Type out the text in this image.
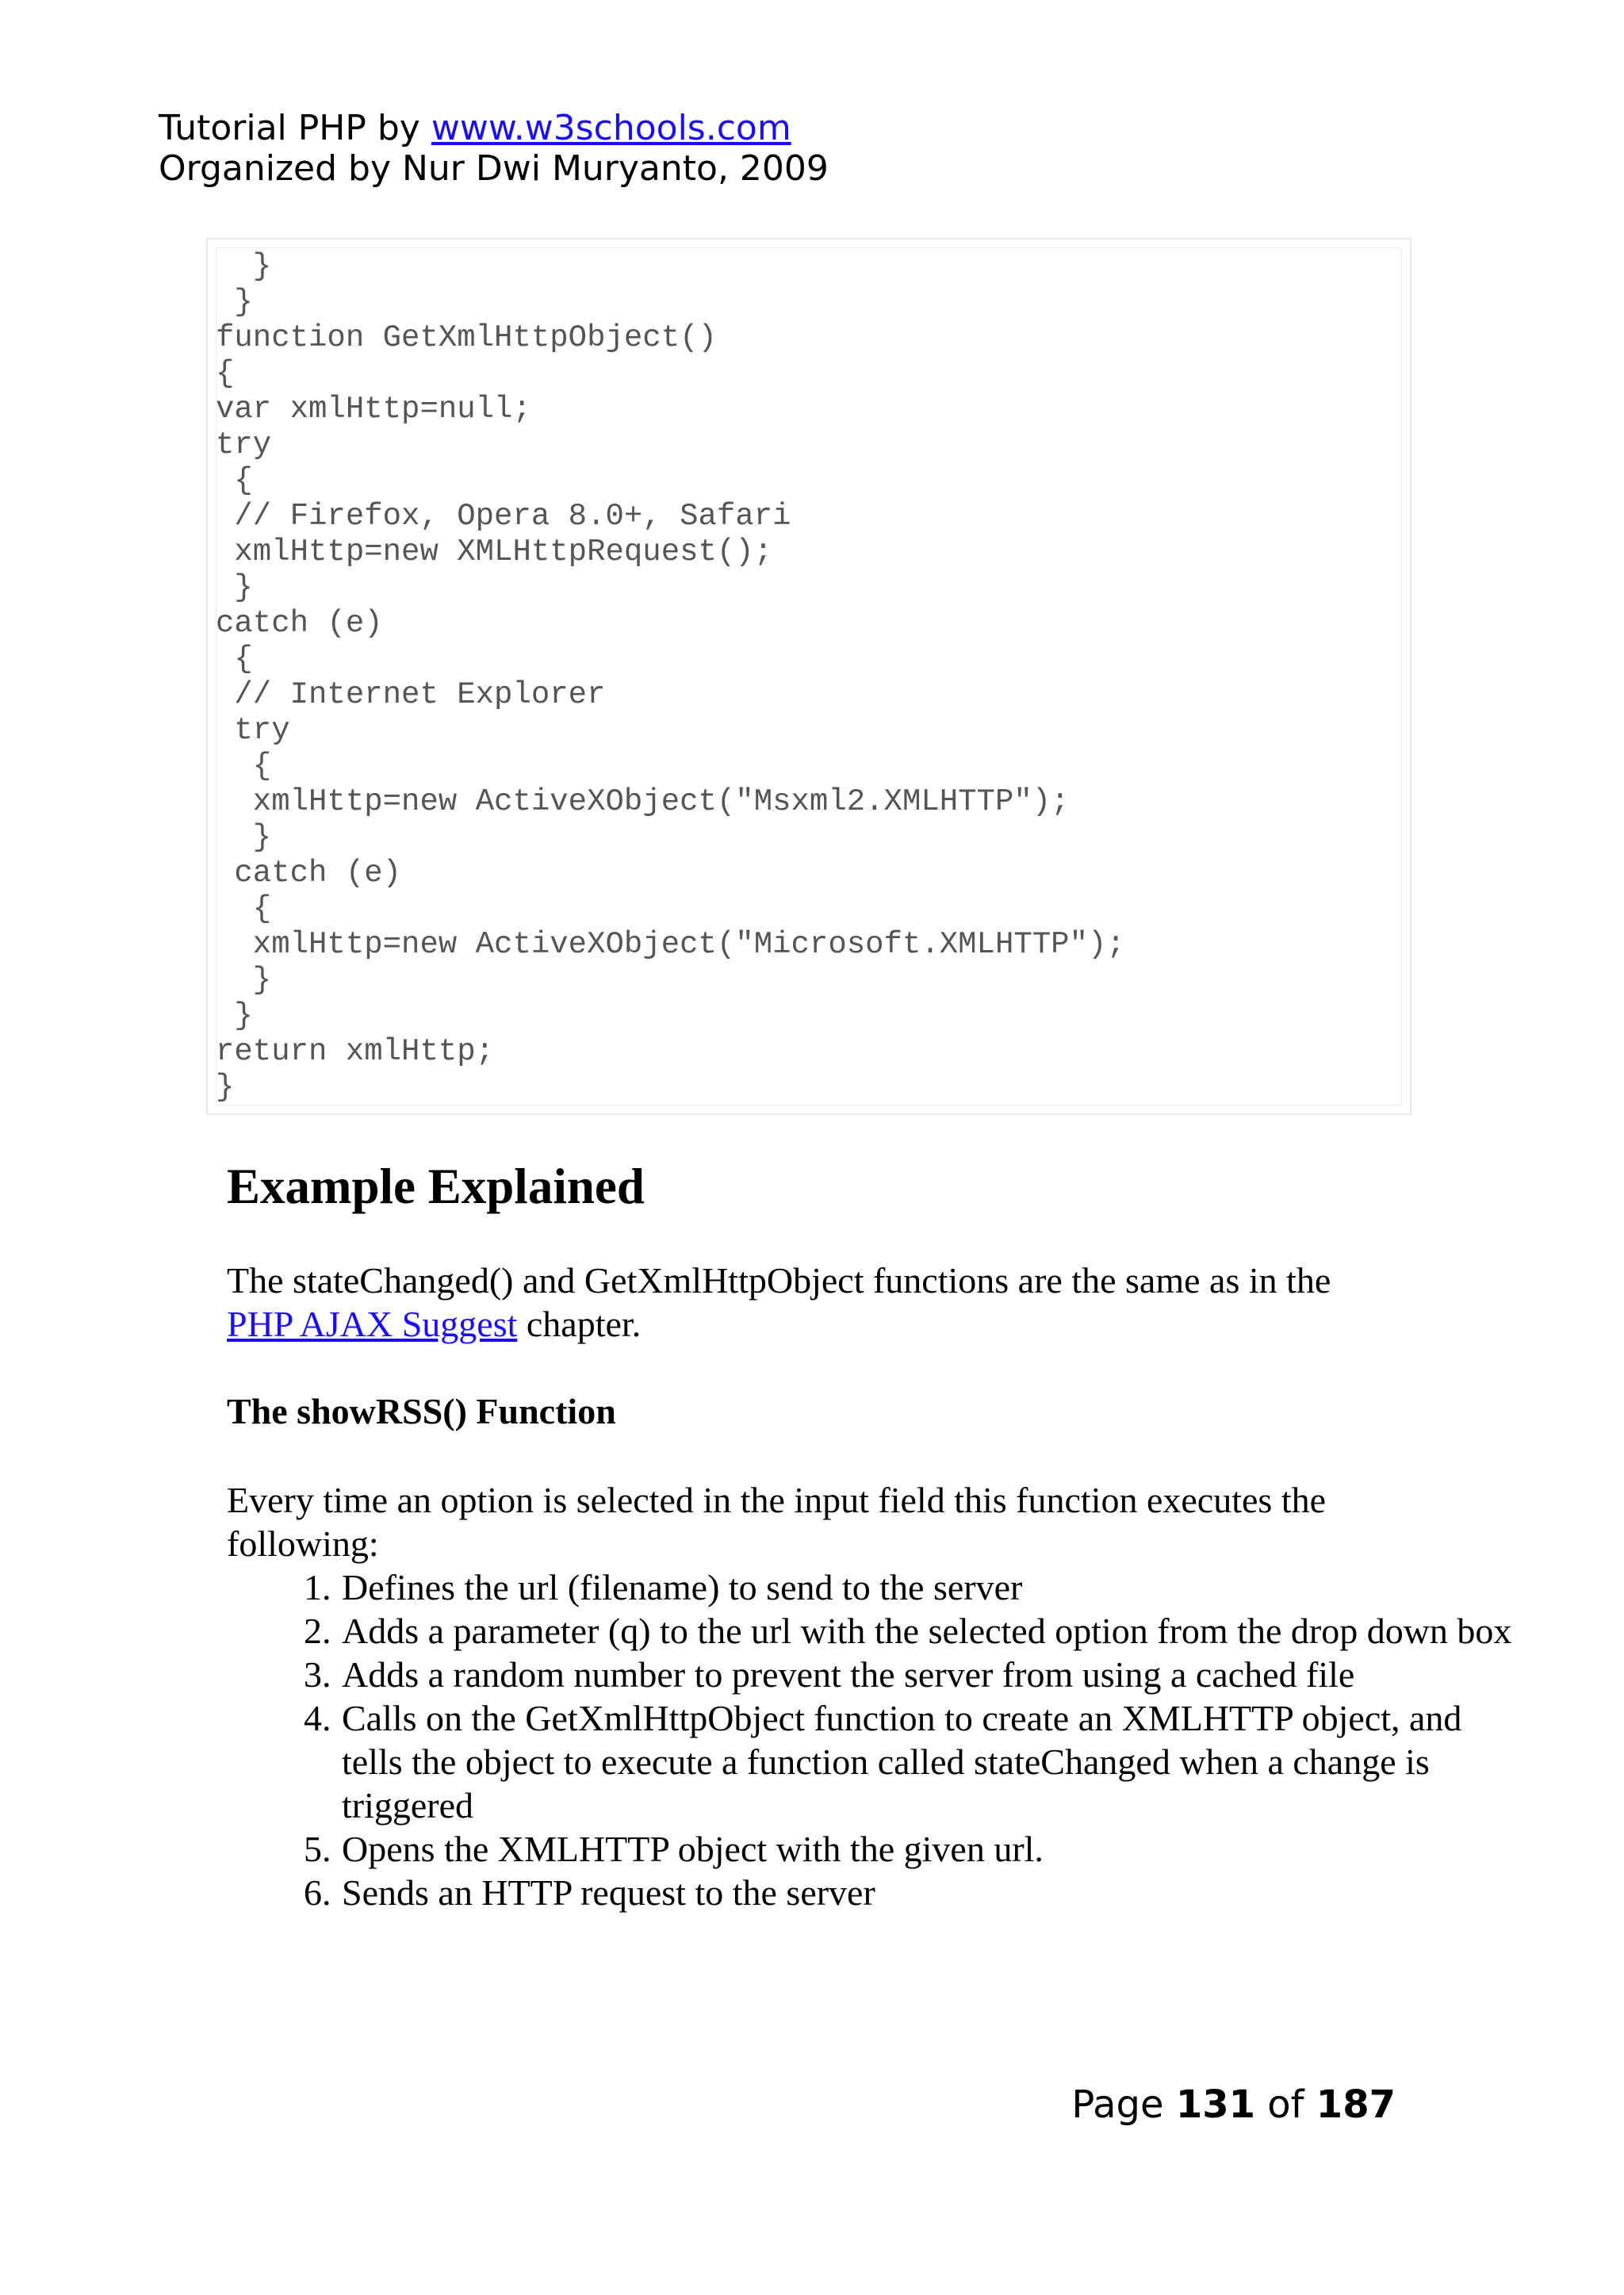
Tutorial PHP by www.w3schools.com
Organized by Nur Dwi Muryanto, 2009
}
}
function GetXmlHttpObject()
{
var xmlHttp=null;
try
{
// Firefox, Opera 8.0+, Safari
xmlHttp=new XMLHttpRequest();
}
catch (e)
{
// Internet Explorer
try
{
xmlHttp=new ActiveXObject("Msxml2.XMLHTTP");
}
catch (e)
{
xmlHttp=new ActiveXObject("Microsoft.XMLHTTP");
}
}
return xmlHttp;
}
Example Explained

The stateChanged() and GetXmlHttpObject functions are the same as in the PHP AJAX Suggest chapter.

The showRSS() Function

Every time an option is selected in the input field this function executes the following:

1. Defines the url (filename) to send to the server
2. Adds a parameter (q) to the url with the selected option from the drop down box
3. Adds a random number to prevent the server from using a cached file
4. Calls on the GetXmlHttpObject function to create an XMLHTTP object, and tells the object to execute a function called stateChanged when a change is triggered
5. Opens the XMLHTTP object with the given url.
6. Sends an HTTP request to the server
Page 131 of 187
